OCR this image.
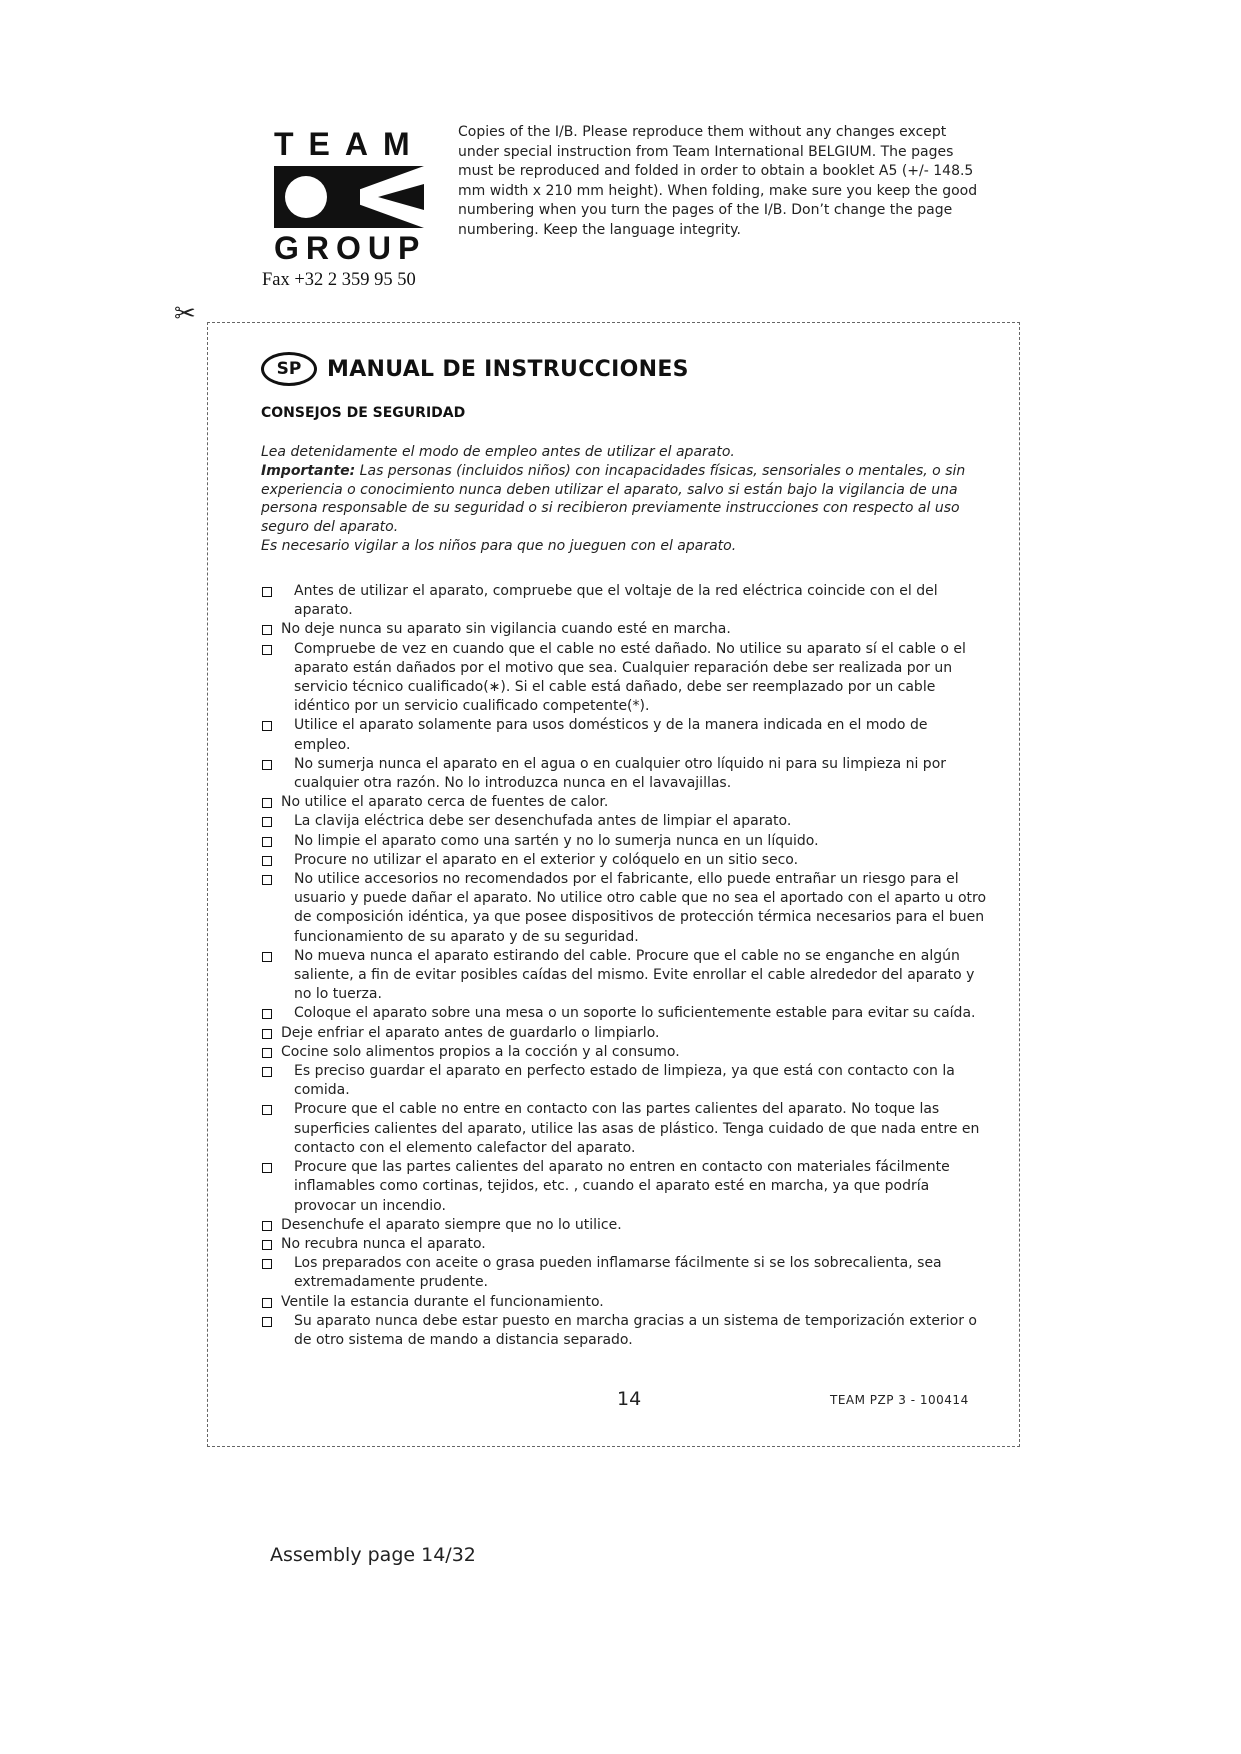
TEAM
GROUP
Fax +32 2 359 95 50
Copies of the I/B. Please reproduce them without any changes except under special instruction from Team International BELGIUM. The pages must be reproduced and folded in order to obtain a booklet A5 (+/- 148.5 mm width x 210 mm height). When folding, make sure you keep the good numbering when you turn the pages of the I/B. Don’t change the page numbering. Keep the language integrity.
✂
SP	MANUAL DE INSTRUCCIONES
CONSEJOS DE SEGURIDAD

Lea detenidamente el modo de empleo antes de utilizar el aparato.

Importante: Las personas (incluidos niños) con incapacidades físicas, sensoriales o mentales, o sin experiencia o conocimiento nunca deben utilizar el aparato, salvo si están bajo la vigilancia de una persona responsable de su seguridad o si recibieron previamente instrucciones con respecto al uso seguro del aparato.

Es necesario vigilar a los niños para que no jueguen con el aparato.

Antes de utilizar el aparato, compruebe que el voltaje de la red eléctrica coincide con el del aparato.
No deje nunca su aparato sin vigilancia cuando esté en marcha.
Compruebe de vez en cuando que el cable no esté dañado. No utilice su aparato sí el cable o el aparato están dañados por el motivo que sea. Cualquier reparación debe ser realizada por un servicio técnico cualificado(∗). Si el cable está dañado, debe ser reemplazado por un cable idéntico por un servicio cualificado competente(*).
Utilice el aparato solamente para usos domésticos y de la manera indicada en el modo de empleo.
No sumerja nunca el aparato en el agua o en cualquier otro líquido ni para su limpieza ni por cualquier otra razón. No lo introduzca nunca en el lavavajillas.
No utilice el aparato cerca de fuentes de calor.
La clavija eléctrica debe ser desenchufada antes de limpiar el aparato.
No limpie el aparato como una sartén y no lo sumerja nunca en un líquido.
Procure no utilizar el aparato en el exterior y colóquelo en un sitio seco.
No utilice accesorios no recomendados por el fabricante, ello puede entrañar un riesgo para el usuario y puede dañar el aparato. No utilice otro cable que no sea el aportado con el aparto u otro de composición idéntica, ya que posee dispositivos de protección térmica necesarios para el buen funcionamiento de su aparato y de su seguridad.
No mueva nunca el aparato estirando del cable. Procure que el cable no se enganche en algún saliente, a fin de evitar posibles caídas del mismo. Evite enrollar el cable alrededor del aparato y no lo tuerza.
Coloque el aparato sobre una mesa o un soporte lo suficientemente estable para evitar su caída.
Deje enfriar el aparato antes de guardarlo o limpiarlo.
Cocine solo alimentos propios a la cocción y al consumo.
Es preciso guardar el aparato en perfecto estado de limpieza, ya que está con contacto con la comida.
Procure que el cable no entre en contacto con las partes calientes del aparato. No toque las superficies calientes del aparato, utilice las asas de plástico. Tenga cuidado de que nada entre en contacto con el elemento calefactor del aparato.
Procure que las partes calientes del aparato no entren en contacto con materiales fácilmente inflamables como cortinas, tejidos, etc. , cuando el aparato esté en marcha, ya que podría provocar un incendio.
Desenchufe el aparato siempre que no lo utilice.
No recubra nunca el aparato.
Los preparados con aceite o grasa pueden inflamarse fácilmente si se los sobrecalienta, sea extremadamente prudente.
Ventile la estancia durante el funcionamiento.
Su aparato nunca debe estar puesto en marcha gracias a un sistema de temporización exterior o de otro sistema de mando a distancia separado.
14	TEAM PZP 3 - 100414
Assembly page 14/32
